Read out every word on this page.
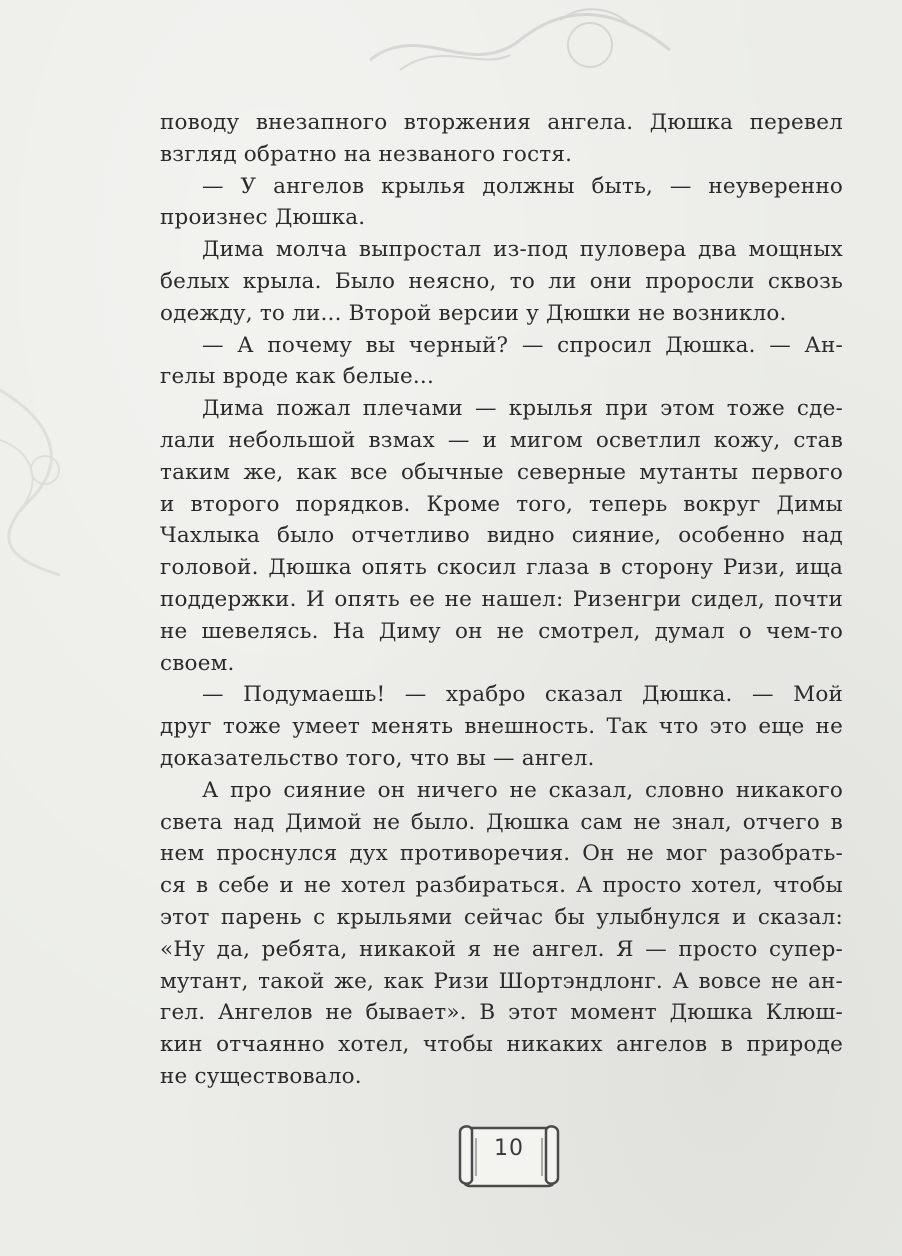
поводу внезапного вторжения ангела. Дюшка перевел
взгляд обратно на незваного гостя.
— У ангелов крылья должны быть, — неуверенно
произнес Дюшка.
Дима молча выпростал из-под пуловера два мощных
белых крыла. Было неясно, то ли они проросли сквозь
одежду, то ли... Второй версии у Дюшки не возникло.
— А почему вы черный? — спросил Дюшка. — Ан-
гелы вроде как белые...
Дима пожал плечами — крылья при этом тоже сде-
лали небольшой взмах — и мигом осветлил кожу, став
таким же, как все обычные северные мутанты первого
и второго порядков. Кроме того, теперь вокруг Димы
Чахлыка было отчетливо видно сияние, особенно над
головой. Дюшка опять скосил глаза в сторону Ризи, ища
поддержки. И опять ее не нашел: Ризенгри сидел, почти
не шевелясь. На Диму он не смотрел, думал о чем-то
своем.
— Подумаешь! — храбро сказал Дюшка. — Мой
друг тоже умеет менять внешность. Так что это еще не
доказательство того, что вы — ангел.
А про сияние он ничего не сказал, словно никакого
света над Димой не было. Дюшка сам не знал, отчего в
нем проснулся дух противоречия. Он не мог разобрать-
ся в себе и не хотел разбираться. А просто хотел, чтобы
этот парень с крыльями сейчас бы улыбнулся и сказал:
«Ну да, ребята, никакой я не ангел. Я — просто супер-
мутант, такой же, как Ризи Шортэндлонг. А вовсе не ан-
гел. Ангелов не бывает». В этот момент Дюшка Клюш-
кин отчаянно хотел, чтобы никаких ангелов в природе
не существовало.
10
